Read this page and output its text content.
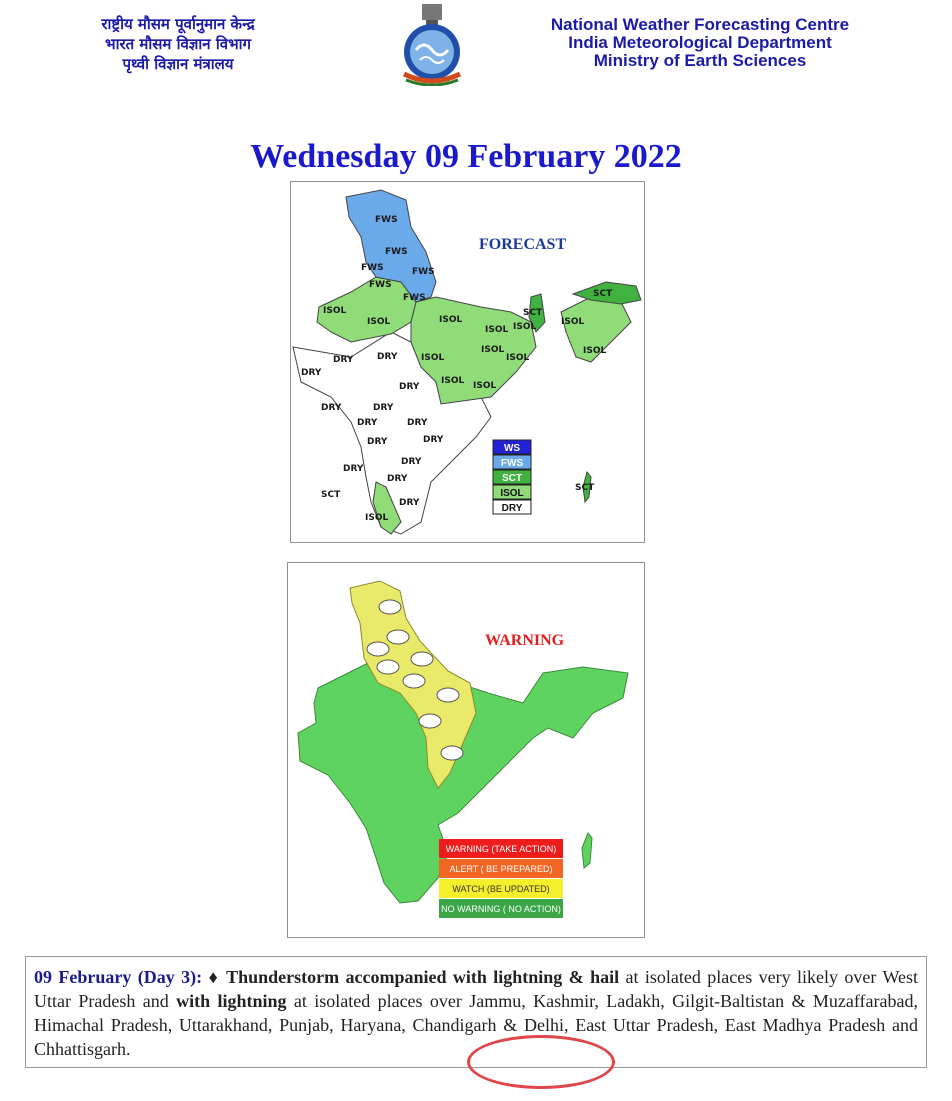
राष्ट्रीय मौसम पूर्वानुमान केन्द्र
भारत मौसम विज्ञान विभाग
पृथ्वी विज्ञान मंत्रालय
National Weather Forecasting Centre
India Meteorological Department
Ministry of Earth Sciences
Wednesday 09 February 2022
FWS
FWS
FWS	FWS
FWS
FWS
ISOL
ISOL	ISOL
ISOL ISOL
ISOL
ISOL
ISOL
ISOL ISOL
ISOL
ISOL
ISOL
SCT
SCT
SCT
SCT
DRY	DRY
DRY
DRY
DRY	DRY
DRY	DRY
DRY	DRY
DRY
DRY
DRY
DRY
FORECAST
WS
FWS
SCT
ISOL
DRY
WARNING
WARNING (TAKE ACTION)
ALERT ( BE PREPARED)
WATCH (BE UPDATED)
NO WARNING ( NO ACTION)
09 February (Day 3): ♦ Thunderstorm accompanied with lightning & hail at isolated places very likely over West Uttar Pradesh and with lightning at isolated places over Jammu, Kashmir, Ladakh, Gilgit-Baltistan & Muzaffarabad, Himachal Pradesh, Uttarakhand, Punjab, Haryana, Chandigarh & Delhi, East Uttar Pradesh, East Madhya Pradesh and Chhattisgarh.
